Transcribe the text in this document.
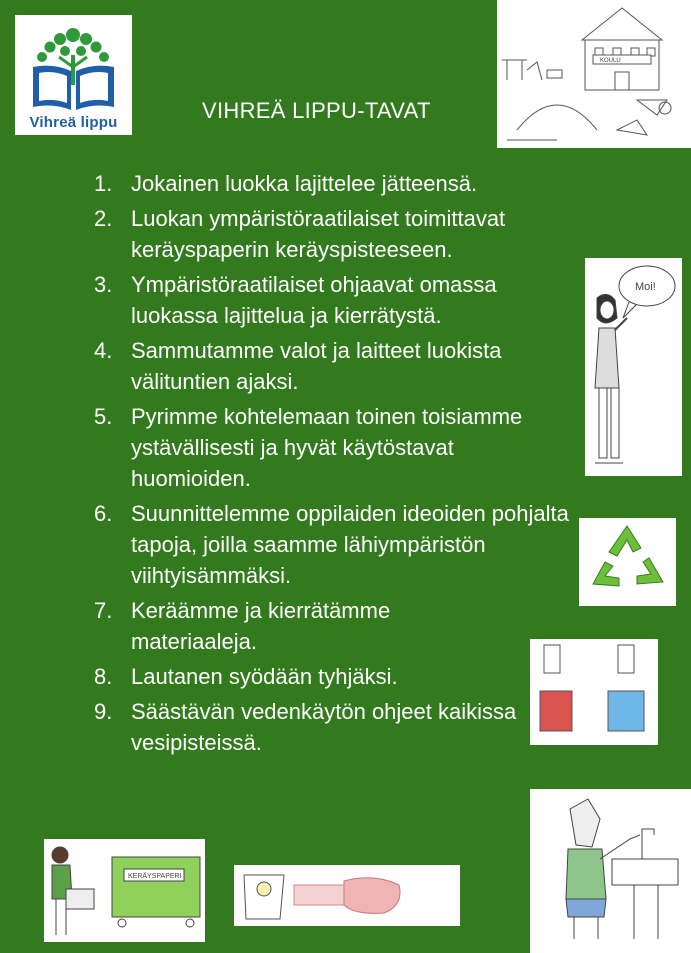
Vihreä lippu	VIHREÄ LIPPU-TAVAT
1. Jokainen luokka lajittelee jätteensä.
2. Luokan ympäristöraatilaiset toimittavat keräyspaperin keräyspisteeseen.
3. Ympäristöraatilaiset ohjaavat omassa luokassa lajittelua ja kierrätystä.
4. Sammutamme valot ja laitteet luokista välituntien ajaksi.
5. Pyrimme kohtelemaan toinen toisiamme ystävällisesti ja hyvät käytöstavat huomioiden.
6. Suunnittelemme oppilaiden ideoiden pohjalta tapoja, joilla saamme lähiympäristön viihtyisämmäksi.
7. Keräämme ja kierrätämme materiaaleja.
8. Lautanen syödään tyhjäksi.
9. Säästävän vedenkäytön ohjeet kaikissa vesipisteissä.
KOULU
Moi!
KERÄYSPAPERI
